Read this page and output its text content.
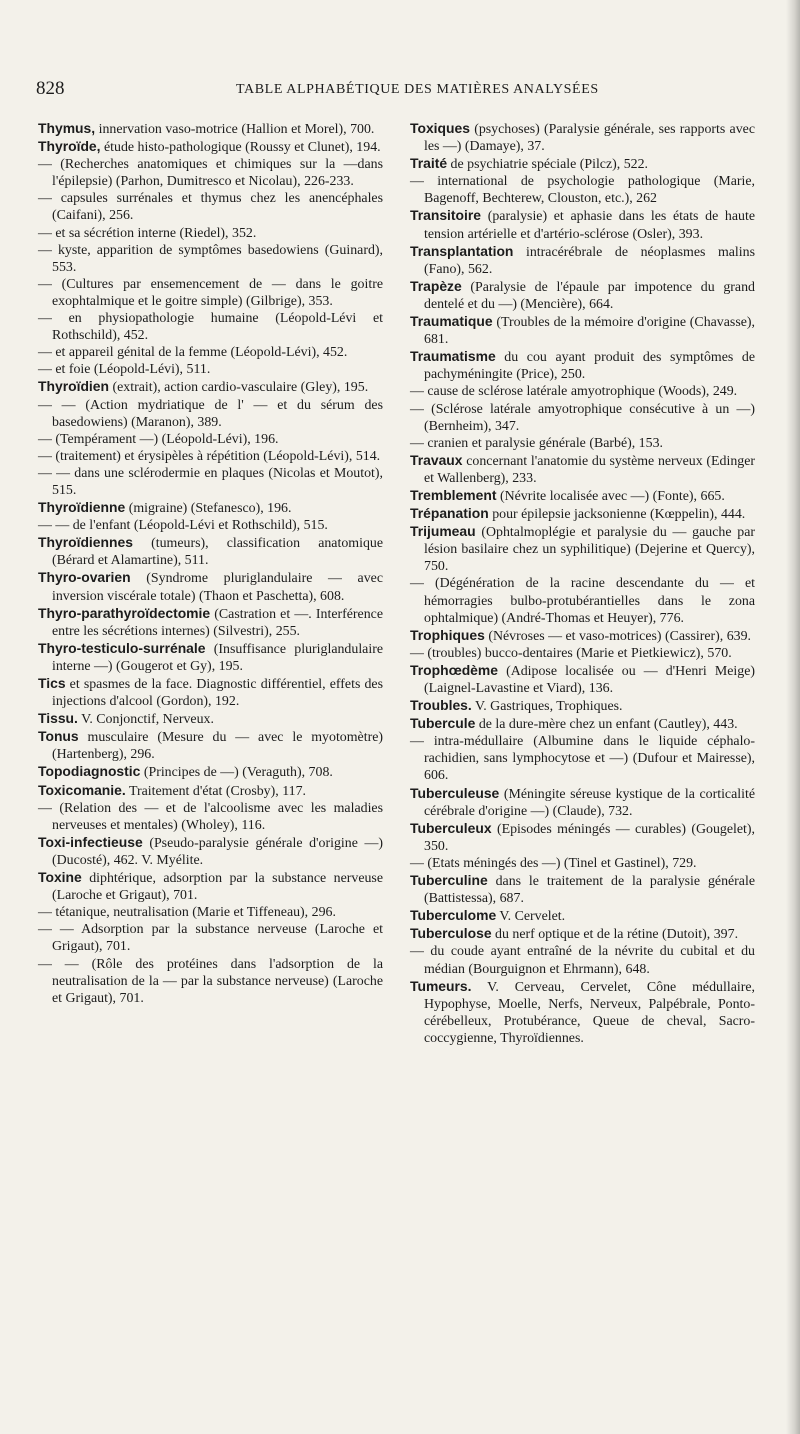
828	TABLE ALPHABÉTIQUE DES MATIÈRES ANALYSÉES

Thymus, innervation vaso-motrice (Hallion et Morel), 700.

Thyroïde, étude histo-pathologique (Roussy et Clunet), 194.

— (Recherches anatomiques et chimiques sur la —dans l'épilepsie) (Parhon, Dumitresco et Nicolau), 226-233.

— capsules surrénales et thymus chez les anencéphales (Caifani), 256.

— et sa sécrétion interne (Riedel), 352.

— kyste, apparition de symptômes basedowiens (Guinard), 553.

— (Cultures par ensemencement de — dans le goitre exophtalmique et le goitre simple) (Gilbrige), 353.

— en physiopathologie humaine (Léopold-Lévi et Rothschild), 452.

— et appareil génital de la femme (Léopold-Lévi), 452.

— et foie (Léopold-Lévi), 511.

Thyroïdien (extrait), action cardio-vasculaire (Gley), 195.

— — (Action mydriatique de l' — et du sérum des basedowiens) (Maranon), 389.

— (Tempérament —) (Léopold-Lévi), 196.

— (traitement) et érysipèles à répétition (Léopold-Lévi), 514.

— — dans une sclérodermie en plaques (Nicolas et Moutot), 515.

Thyroïdienne (migraine) (Stefanesco), 196.

— — de l'enfant (Léopold-Lévi et Rothschild), 515.

Thyroïdiennes (tumeurs), classification anatomique (Bérard et Alamartine), 511.

Thyro-ovarien (Syndrome pluriglandulaire — avec inversion viscérale totale) (Thaon et Paschetta), 608.

Thyro-parathyroïdectomie (Castration et —. Interférence entre les sécrétions internes) (Silvestri), 255.

Thyro-testiculo-surrénale (Insuffisance pluriglandulaire interne —) (Gougerot et Gy), 195.

Tics et spasmes de la face. Diagnostic différentiel, effets des injections d'alcool (Gordon), 192.

Tissu. V. Conjonctif, Nerveux.

Tonus musculaire (Mesure du — avec le myotomètre) (Hartenberg), 296.

Topodiagnostic (Principes de —) (Veraguth), 708.

Toxicomanie. Traitement d'état (Crosby), 117.

— (Relation des — et de l'alcoolisme avec les maladies nerveuses et mentales) (Wholey), 116.

Toxi-infectieuse (Pseudo-paralysie générale d'origine —) (Ducosté), 462. V. Myélite.

Toxine diphtérique, adsorption par la substance nerveuse (Laroche et Grigaut), 701.

— tétanique, neutralisation (Marie et Tiffeneau), 296.

— — Adsorption par la substance nerveuse (Laroche et Grigaut), 701.

— — (Rôle des protéines dans l'adsorption de la neutralisation de la — par la substance nerveuse) (Laroche et Grigaut), 701.

Toxiques (psychoses) (Paralysie générale, ses rapports avec les —) (Damaye), 37.

Traité de psychiatrie spéciale (Pilcz), 522.

— international de psychologie pathologique (Marie, Bagenoff, Bechterew, Clouston, etc.), 262

Transitoire (paralysie) et aphasie dans les états de haute tension artérielle et d'artério-sclérose (Osler), 393.

Transplantation intracérébrale de néoplasmes malins (Fano), 562.

Trapèze (Paralysie de l'épaule par impotence du grand dentelé et du —) (Mencière), 664.

Traumatique (Troubles de la mémoire d'origine (Chavasse), 681.

Traumatisme du cou ayant produit des symptômes de pachyméningite (Price), 250.

— cause de sclérose latérale amyotrophique (Woods), 249.

— (Sclérose latérale amyotrophique consécutive à un —) (Bernheim), 347.

— cranien et paralysie générale (Barbé), 153.

Travaux concernant l'anatomie du système nerveux (Edinger et Wallenberg), 233.

Tremblement (Névrite localisée avec —) (Fonte), 665.

Trépanation pour épilepsie jacksonienne (Kœppelin), 444.

Trijumeau (Ophtalmoplégie et paralysie du — gauche par lésion basilaire chez un syphilitique) (Dejerine et Quercy), 750.

— (Dégénération de la racine descendante du — et hémorragies bulbo-protubérantielles dans le zona ophtalmique) (André-Thomas et Heuyer), 776.

Trophiques (Névroses — et vaso-motrices) (Cassirer), 639.

— (troubles) bucco-dentaires (Marie et Pietkiewicz), 570.

Trophœdème (Adipose localisée ou — d'Henri Meige) (Laignel-Lavastine et Viard), 136.

Troubles. V. Gastriques, Trophiques.

Tubercule de la dure-mère chez un enfant (Cautley), 443.

— intra-médullaire (Albumine dans le liquide céphalo-rachidien, sans lymphocytose et —) (Dufour et Mairesse), 606.

Tuberculeuse (Méningite séreuse kystique de la corticalité cérébrale d'origine —) (Claude), 732.

Tuberculeux (Episodes méningés — curables) (Gougelet), 350.

— (Etats méningés des —) (Tinel et Gastinel), 729.

Tuberculine dans le traitement de la paralysie générale (Battistessa), 687.

Tuberculome V. Cervelet.

Tuberculose du nerf optique et de la rétine (Dutoit), 397.

— du coude ayant entraîné de la névrite du cubital et du médian (Bourguignon et Ehrmann), 648.

Tumeurs. V. Cerveau, Cervelet, Cône médullaire, Hypophyse, Moelle, Nerfs, Nerveux, Palpébrale, Ponto-cérébelleux, Protubérance, Queue de cheval, Sacro-coccygienne, Thyroïdiennes.
